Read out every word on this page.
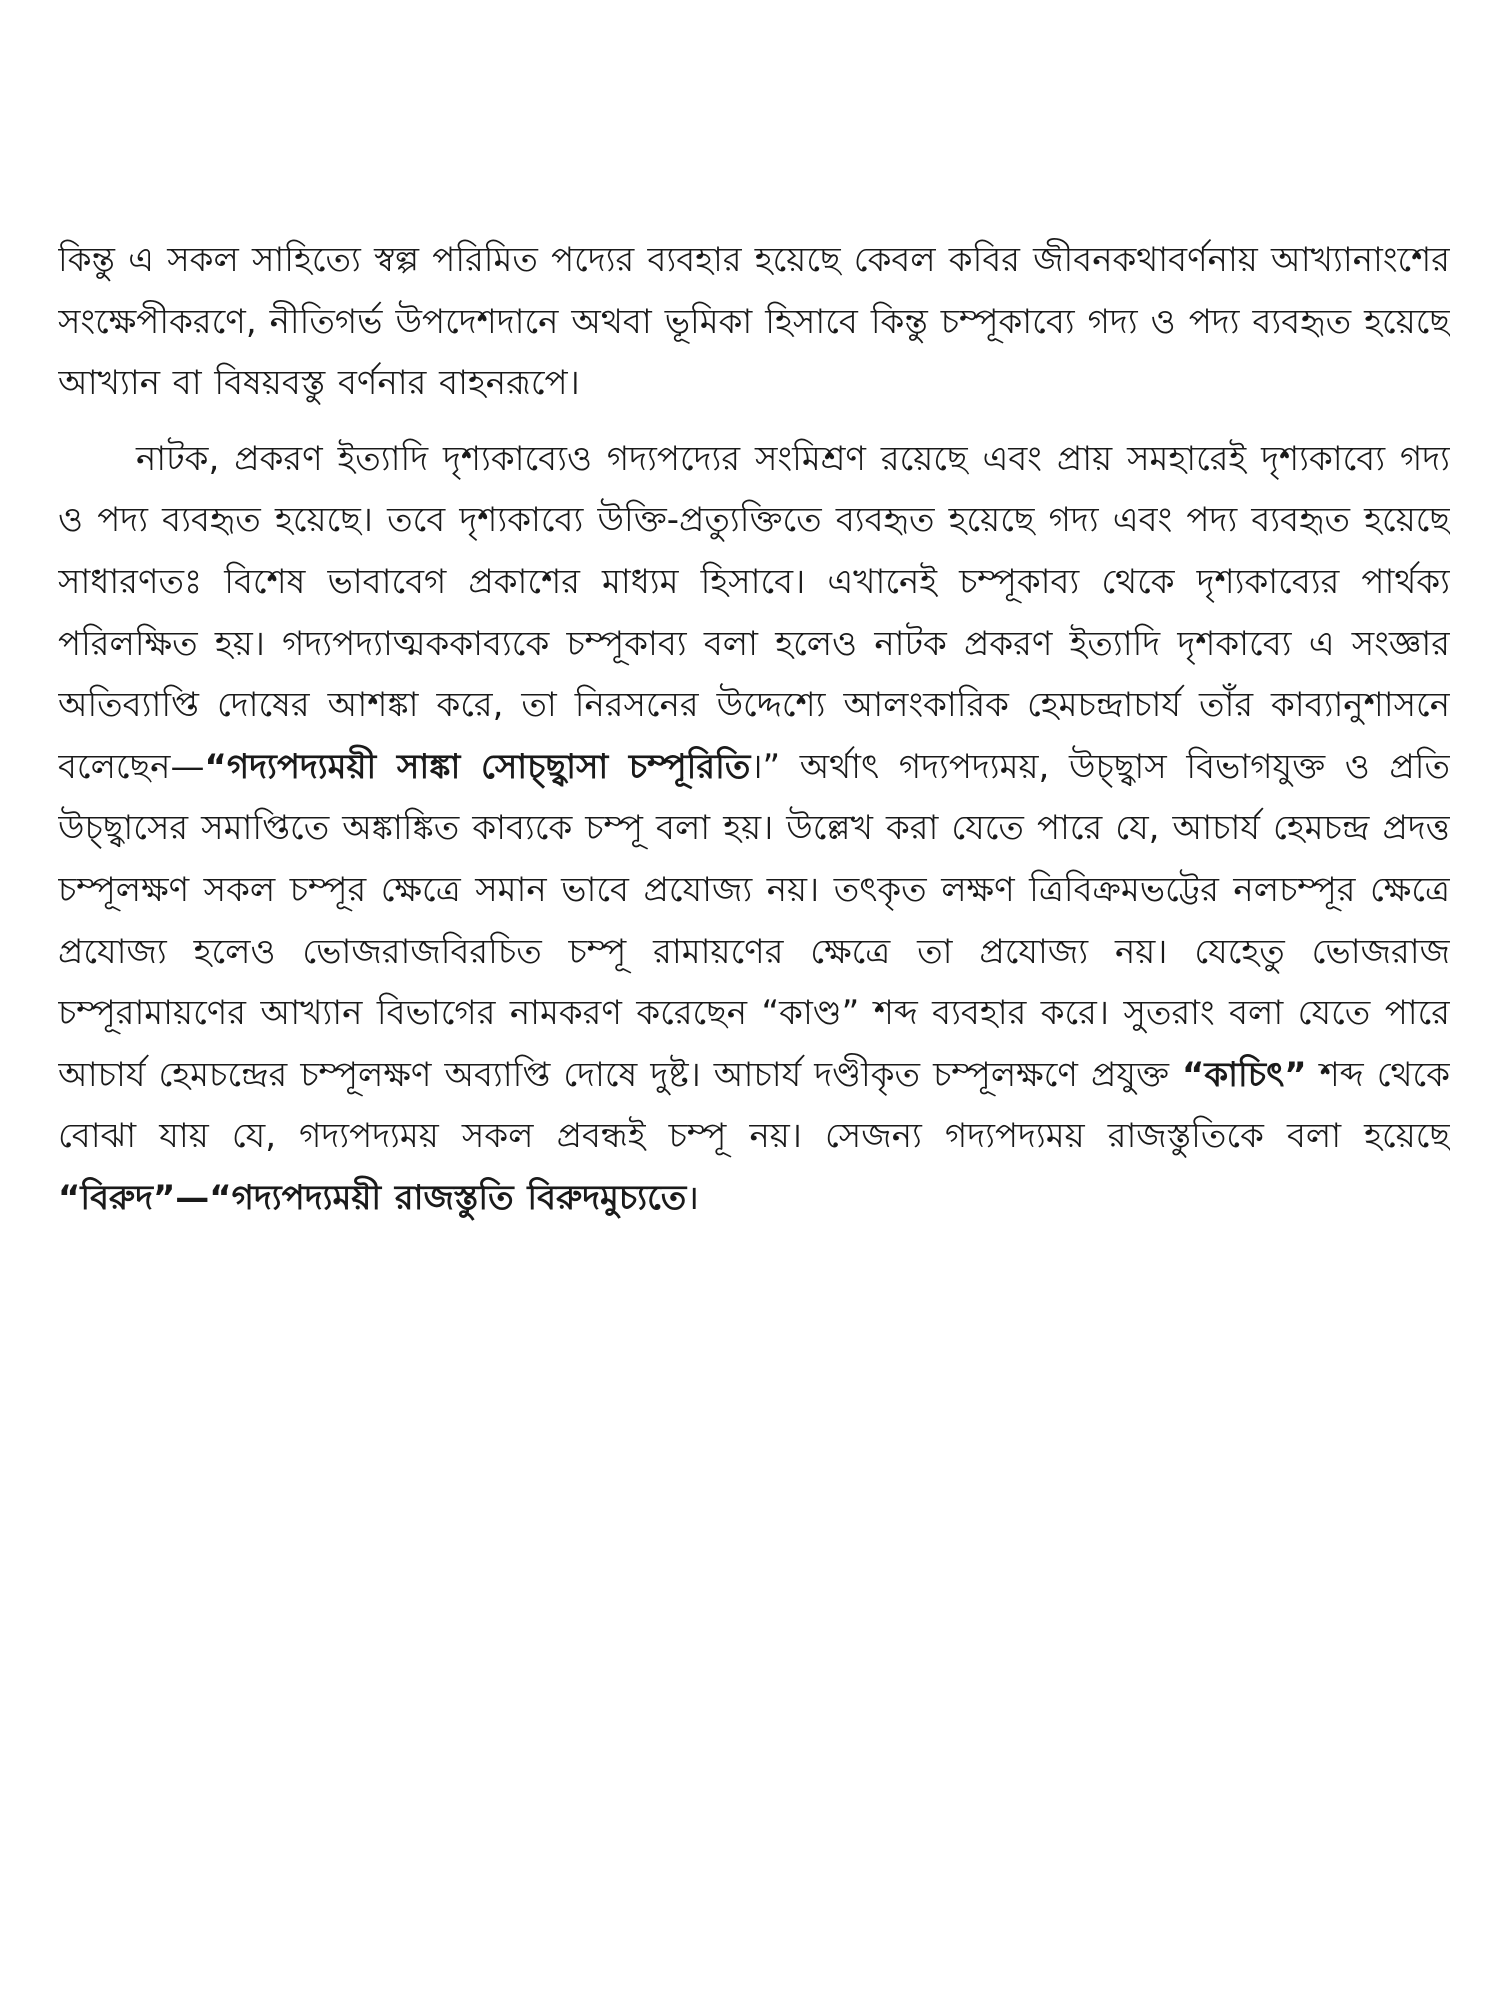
কিন্তু এ সকল সাহিত্যে স্বল্প পরিমিত পদ্যের ব্যবহার হয়েছে কেবল কবির জীবনকথাবর্ণনায় আখ্যানাংশের সংক্ষেপীকরণে, নীতিগর্ভ উপদেশদানে অথবা ভূমিকা হিসাবে কিন্তু চম্পূকাব্যে গদ্য ও পদ্য ব্যবহৃত হয়েছে আখ্যান বা বিষয়বস্তু বর্ণনার বাহনরূপে।

নাটক, প্রকরণ ইত্যাদি দৃশ্যকাব্যেও গদ্যপদ্যের সংমিশ্রণ রয়েছে এবং প্রায় সমহারেই দৃশ্যকাব্যে গদ্য ও পদ্য ব্যবহৃত হয়েছে। তবে দৃশ্যকাব্যে উক্তি-প্রত্যুক্তিতে ব্যবহৃত হয়েছে গদ্য এবং পদ্য ব্যবহৃত হয়েছে সাধারণতঃ বিশেষ ভাবাবেগ প্রকাশের মাধ্যম হিসাবে। এখানেই চম্পূকাব্য থেকে দৃশ্যকাব্যের পার্থক্য পরিলক্ষিত হয়। গদ্যপদ্যাত্মককাব্যকে চম্পূকাব্য বলা হলেও নাটক প্রকরণ ইত্যাদি দৃশকাব্যে এ সংজ্ঞার অতিব্যাপ্তি দোষের আশঙ্কা করে, তা নিরসনের উদ্দেশ্যে আলংকারিক হেমচন্দ্রাচার্য তাঁর কাব্যানুশাসনে বলেছেন—“গদ্যপদ্যময়ী সাঙ্কা সোচ্ছ্বাসা চম্পূরিতি।” অর্থাৎ গদ্যপদ্যময়, উচ্ছ্বাস বিভাগযুক্ত ও প্রতি উচ্ছ্বাসের সমাপ্তিতে অঙ্কাঙ্কিত কাব্যকে চম্পূ বলা হয়। উল্লেখ করা যেতে পারে যে, আচার্য হেমচন্দ্র প্রদত্ত চম্পূলক্ষণ সকল চম্পূর ক্ষেত্রে সমান ভাবে প্রযোজ্য নয়। তৎকৃত লক্ষণ ত্রিবিক্রমভট্টের নলচম্পূর ক্ষেত্রে প্রযোজ্য হলেও ভোজরাজবিরচিত চম্পূ রামায়ণের ক্ষেত্রে তা প্রযোজ্য নয়। যেহেতু ভোজরাজ চম্পূরামায়ণের আখ্যান বিভাগের নামকরণ করেছেন “কাণ্ড” শব্দ ব্যবহার করে। সুতরাং বলা যেতে পারে আচার্য হেমচন্দ্রের চম্পূলক্ষণ অব্যাপ্তি দোষে দুষ্ট। আচার্য দণ্ডীকৃত চম্পূলক্ষণে প্রযুক্ত “কাচিৎ” শব্দ থেকে বোঝা যায় যে, গদ্যপদ্যময় সকল প্রবন্ধই চম্পূ নয়। সেজন্য গদ্যপদ্যময় রাজস্তুতিকে বলা হয়েছে “বিরুদ”—“গদ্যপদ্যময়ী রাজস্তুতি বিরুদমুচ্যতে।
